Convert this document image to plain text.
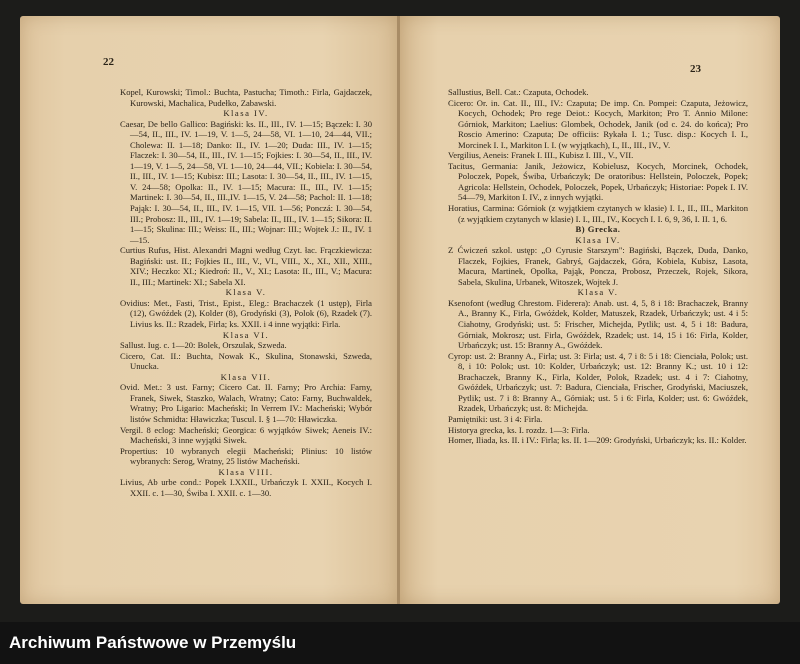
22

Kopel, Kurowski; Timol.: Buchta, Pastucha; Timoth.: Firla, Gajdaczek, Kurowski, Machalica, Pudełko, Zabawski.

Klasa IV.

Caesar, De bello Gallico: Bagiński: ks. II., III., IV. 1—15; Bączek: I. 30—54, II., III., IV. 1—19, V. 1—5, 24—58, VI. 1—10, 24—44, VII.; Cholewa: II. 1—18; Danko: II., IV. 1—20; Duda: III., IV. 1—15; Flaczek: I. 30—54, II., III., IV. 1—15; Fojkies: I. 30—54, II., III., IV. 1—19, V. 1—5, 24—58, VI. 1—10, 24—44, VII.; Kobiela: I. 30—54, II., III., IV. 1—15; Kubisz: III.; Lasota: I. 30—54, II., III., IV. 1—15, V. 24—58; Opolka: II., IV. 1—15; Macura: II., III., IV. 1—15; Martinek: I. 30—54, II., III.,IV. 1—15, V. 24—58; Pachol: II. 1—18; Pająk: I. 30—54, II., III., IV. 1—15, VII. 1—56; Ponczá: I. 30—54, III.; Probosz: II., III., IV. 1—19; Sabela: II., III., IV. 1—15; Sikora: II. 1—15; Skulina: III.; Weiss: II., III.; Wojnar: III.; Wojtek J.: II., IV. 1—15.

Curtius Rufus, Hist. Alexandri Magni według Czyt. łac. Frączkiewicza: Bagiński: ust. II.; Fojkies II., III., V., VI., VIII., X., XI., XII., XIII., XIV.; Heczko: XI.; Kiedroń: II., V., XI.; Lasota: II., III., V.; Macura: II., III.; Martinek: XI.; Sabela XI.

Klasa V.

Ovidius: Met., Fasti, Trist., Epist., Eleg.: Brachaczek (1 ustęp), Firla (12), Gwóźdek (2), Kolder (8), Grodyński (3), Polok (6), Rzadek (7). Livius ks. II.: Rzadek, Firla; ks. XXII. i 4 inne wyjątki: Firla.

Klasa VI.

Sallust. Iug. c. 1—20: Bolek, Orszulak, Szweda.

Cicero, Cat. II.: Buchta, Nowak K., Skulina, Stonawski, Szweda, Unucka.

Klasa VII.

Ovid. Met.: 3 ust. Farny; Cicero Cat. II. Farny; Pro Archia: Farny, Franek, Siwek, Staszko, Walach, Wratny; Cato: Farny, Buchwaldek, Wratny; Pro Ligario: Macheński; In Verrem IV.: Macheński; Wybór listów Schmidta: Hławiczka; Tuscul. I. § 1—70: Hławiczka.

Vergil. 8 eclog: Macheński; Georgica: 6 wyjątków Siwek; Aeneis IV.: Macheński, 3 inne wyjątki Siwek.

Propertius: 10 wybranych elegii Macheński; Plinius: 10 listów wybranych: Serog, Wratny, 25 listów Macheński.

Klasa VIII.

Livius, Ab urbe cond.: Popek I.XXII., Urbańczyk I. XXII., Kocych I. XXII. c. 1—30, Świba I. XXII. c. 1—30.

23

Sallustius, Bell. Cat.: Czaputa, Ochodek.

Cicero: Or. in. Cat. II., III., IV.: Czaputa; De imp. Cn. Pompei: Czaputa, Jeżowicz, Kocych, Ochodek; Pro rege Deiot.: Kocych, Markiton; Pro T. Annio Milone: Górniok, Markiton; Laelius: Glombek, Ochodek, Janik (od c. 24. do końca); Pro Roscio Amerino: Czaputa; De officiis: Rykała I. 1.; Tusc. disp.: Kocych I. I., Morcinek I. I., Markiton I. I. (w wyjątkach), I., II., III., IV., V.

Vergilius, Aeneis: Franek I. III., Kubisz I. III., V., VII.

Tacitus, Germania: Janik, Jeżowicz, Kobielusz, Kocych, Morcinek, Ochodek, Poloczek, Popek, Świba, Urbańczyk; De oratoribus: Hellstein, Poloczek, Popek; Agricola: Hellstein, Ochodek, Poloczek, Popek, Urbańczyk; Historiae: Popek I. IV. 54—79, Markiton I. IV., z innych wyjątki.

Horatius, Carmina: Górniok (z wyjątkiem czytanych w klasie) I. I., II., III., Markiton (z wyjątkiem czytanych w klasie) I. I., III., IV., Kocych I. I. 6, 9, 36, I. II. 1, 6.

B) Grecka.

Klasa IV.

Z Ćwiczeń szkol. ustęp: „O Cyrusie Starszym": Bagiński, Bączek, Duda, Danko, Flaczek, Fojkies, Franek, Gabryś, Gajdaczek, Góra, Kobiela, Kubisz, Lasota, Macura, Martinek, Opolka, Pająk, Poncza, Probosz, Przeczek, Rojek, Sikora, Sabela, Skulina, Urbanek, Witoszek, Wojtek J.

Klasa V.

Ksenofont (według Chrestom. Fiderera): Anab. ust. 4, 5, 8 i 18: Brachaczek, Branny A., Branny K., Firla, Gwóźdek, Kolder, Matuszek, Rzadek, Urbańczyk; ust. 4 i 5: Ciahotny, Grodyński; ust. 5: Frischer, Michejda, Pytlik; ust. 4, 5 i 18: Badura, Górniak, Mokrosz; ust. Firla, Gwóźdek, Rzadek; ust. 14, 15 i 16: Firla, Kolder, Urbańczyk; ust. 15: Branny A., Gwóźdek.

Cyrop: ust. 2: Branny A., Firla; ust. 3: Firla; ust. 4, 7 i 8: 5 i 18: Cienciała, Polok; ust. 8, i 10: Polok; ust. 10: Kolder, Urbańczyk; ust. 12: Branny K.; ust. 10 i 12: Brachaczek, Branny K., Firla, Kolder, Polok, Rzadek; ust. 4 i 7: Ciahotny, Gwóźdek, Urbańczyk; ust. 7: Badura, Cienciała, Frischer, Grodyński, Maciuszek, Pytlik; ust. 7 i 8: Branny A., Górniak; ust. 5 i 6: Firla, Kolder; ust. 6: Gwóźdek, Rzadek, Urbańczyk; ust. 8: Michejda.

Pamiętniki: ust. 3 i 4: Firla.

Historya grecka, ks. I. rozdz. 1—3: Firla.

Homer, Iliada, ks. II. i IV.: Firla; ks. II. 1—209: Grodyński, Urbańczyk; ks. II.: Kolder.

Archiwum Państwowe w Przemyślu
